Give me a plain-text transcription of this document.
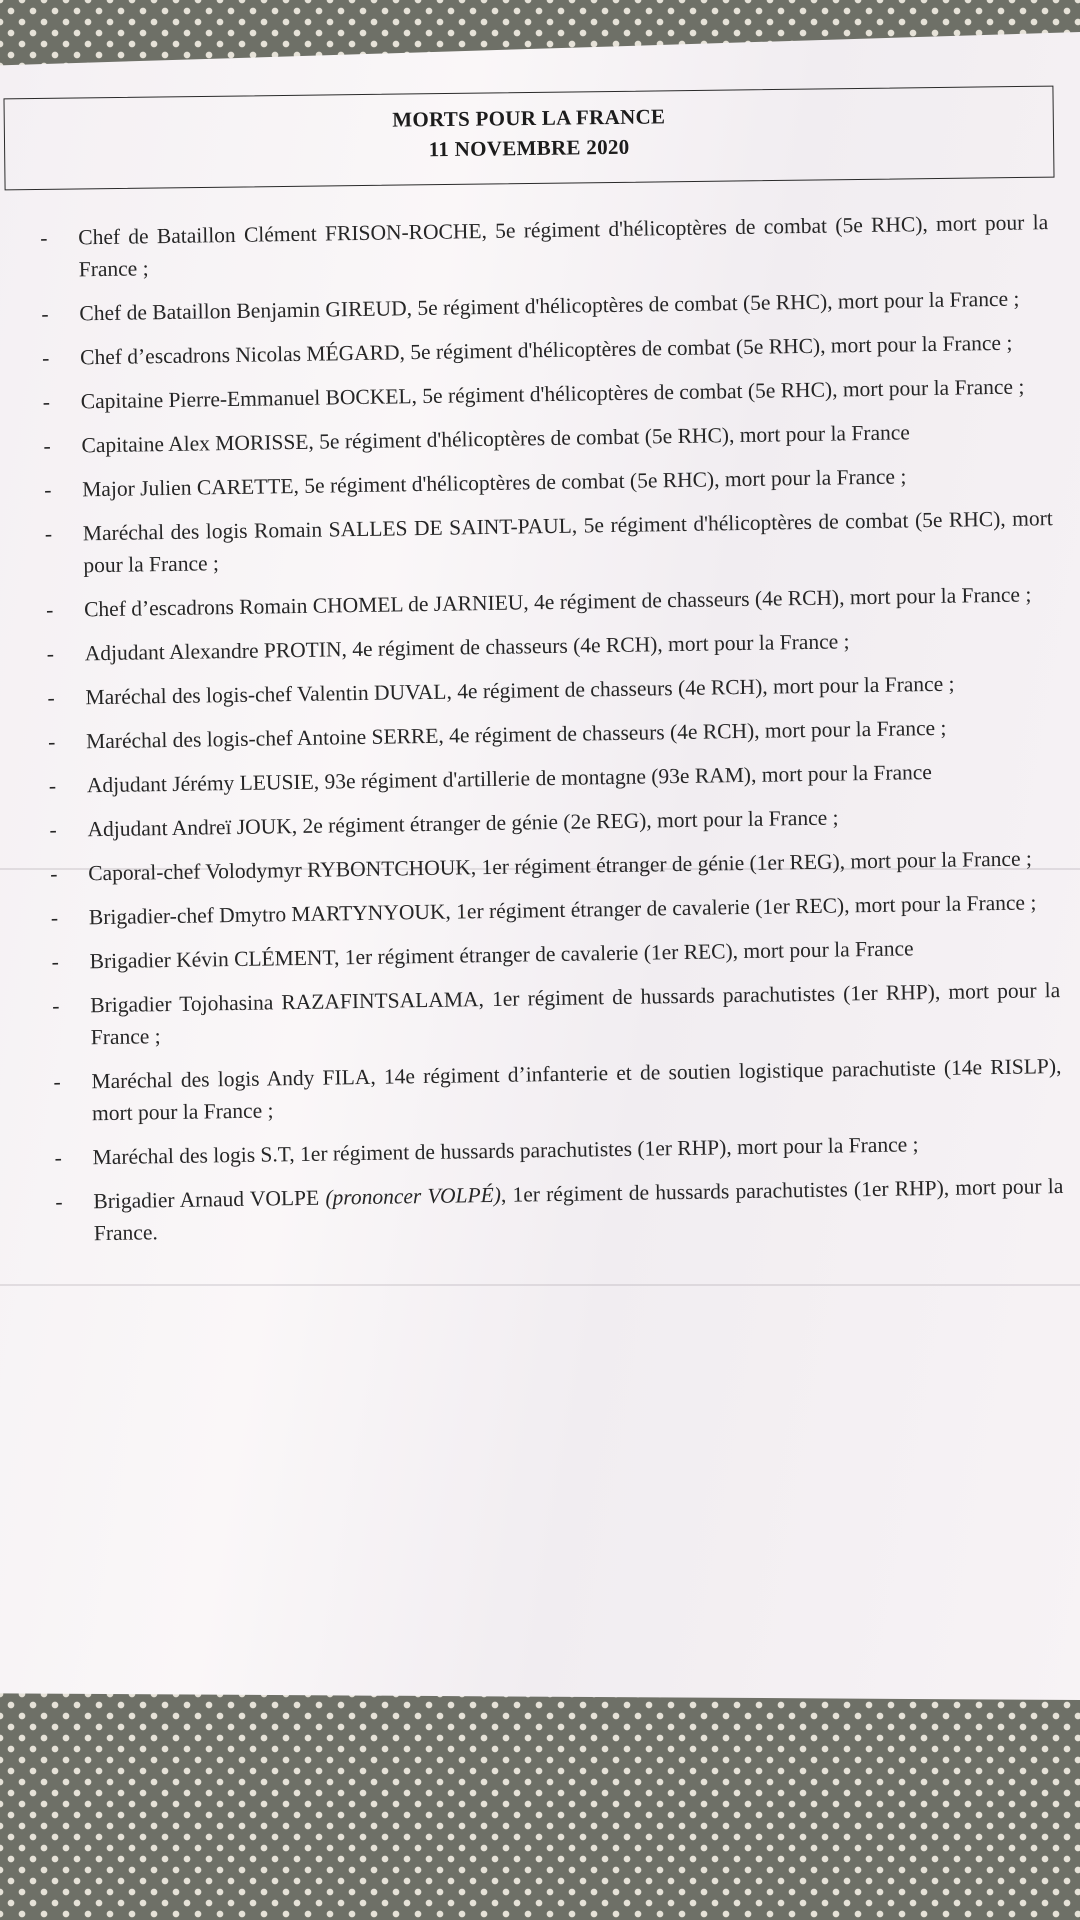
MORTS POUR LA FRANCE
11 NOVEMBRE 2020
-	Chef de Bataillon Clément FRISON-ROCHE, 5e régiment d'hélicoptères de combat (5e RHC), mort pour la France ;
-	Chef de Bataillon Benjamin GIREUD, 5e régiment d'hélicoptères de combat (5e RHC), mort pour la France ;
-	Chef d’escadrons Nicolas MÉGARD, 5e régiment d'hélicoptères de combat (5e RHC), mort pour la France ;
-	Capitaine Pierre-Emmanuel BOCKEL, 5e régiment d'hélicoptères de combat (5e RHC), mort pour la France ;
-	Capitaine Alex MORISSE, 5e régiment d'hélicoptères de combat (5e RHC), mort pour la France
-	Major Julien CARETTE, 5e régiment d'hélicoptères de combat (5e RHC), mort pour la France ;
-	Maréchal des logis Romain SALLES DE SAINT-PAUL, 5e régiment d'hélicoptères de combat (5e RHC), mort pour la France ;
-	Chef d’escadrons Romain CHOMEL de JARNIEU, 4e régiment de chasseurs (4e RCH), mort pour la France ;
-	Adjudant Alexandre PROTIN, 4e régiment de chasseurs (4e RCH), mort pour la France ;
-	Maréchal des logis-chef Valentin DUVAL, 4e régiment de chasseurs (4e RCH), mort pour la France ;
-	Maréchal des logis-chef Antoine SERRE, 4e régiment de chasseurs (4e RCH), mort pour la France ;
-	Adjudant Jérémy LEUSIE, 93e régiment d'artillerie de montagne (93e RAM), mort pour la France
-	Adjudant Andreï JOUK, 2e régiment étranger de génie (2e REG), mort pour la France ;
-	Caporal-chef Volodymyr RYBONTCHOUK, 1er régiment étranger de génie (1er REG), mort pour la France ;
-	Brigadier-chef Dmytro MARTYNYOUK, 1er régiment étranger de cavalerie (1er REC), mort pour la France ;
-	Brigadier Kévin CLÉMENT, 1er régiment étranger de cavalerie (1er REC), mort pour la France
-	Brigadier Tojohasina RAZAFINTSALAMA, 1er régiment de hussards parachutistes (1er RHP), mort pour la France ;
-	Maréchal des logis Andy FILA, 14e régiment d’infanterie et de soutien logistique parachutiste (14e RISLP), mort pour la France ;
-	Maréchal des logis S.T, 1er régiment de hussards parachutistes (1er RHP), mort pour la France ;
-	Brigadier Arnaud VOLPE (prononcer VOLPÉ), 1er régiment de hussards parachutistes (1er RHP), mort pour la France.
